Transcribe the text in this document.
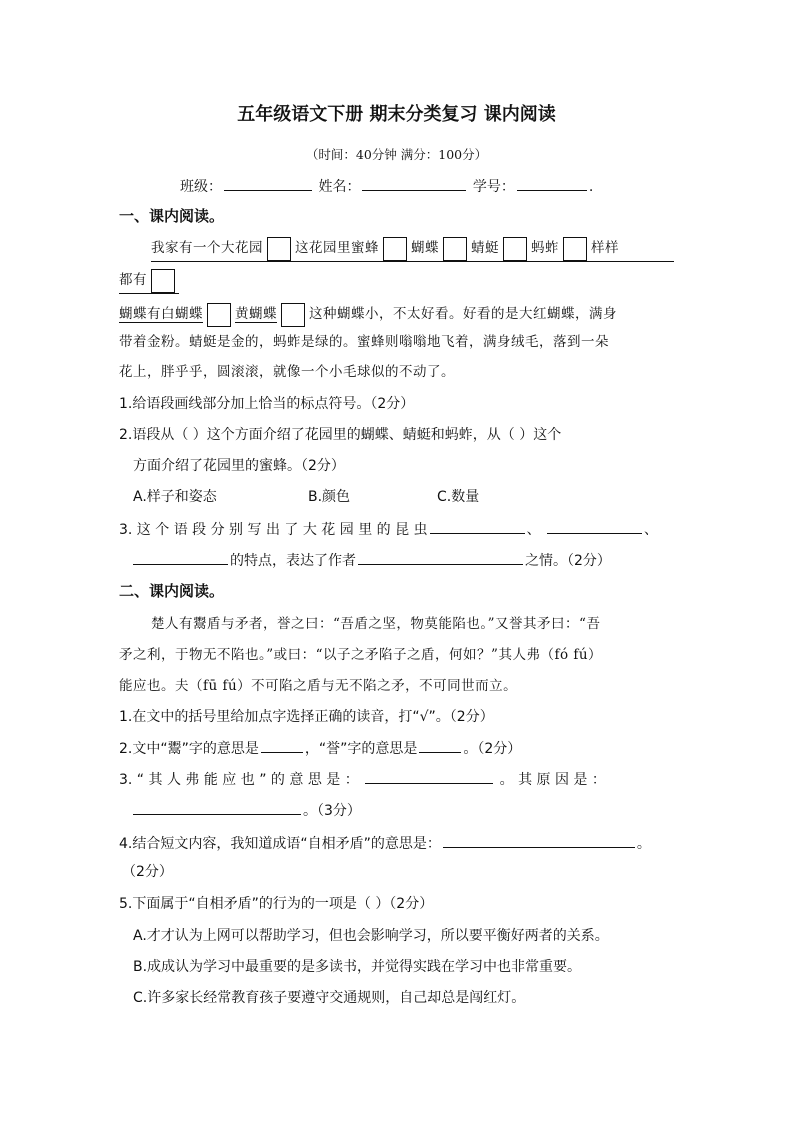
五年级语文下册 期末分类复习 课内阅读
（时间：40分钟 满分：100分）
班级：	姓名：	学号：	.
一、课内阅读。
我家有一个大花园 这花园里蜜蜂 蝴蝶 蜻蜓 蚂蚱 样样
都有
蝴蝶有白蝴蝶 黄蝴蝶 这种蝴蝶小，不太好看。好看的是大红蝴蝶，满身
带着金粉。蜻蜓是金的，蚂蚱是绿的。蜜蜂则嗡嗡地飞着，满身绒毛，落到一朵
花上，胖乎乎，圆滚滚，就像一个小毛球似的不动了。
1.给语段画线部分加上恰当的标点符号。（2分）
2.语段从（ ）这个方面介绍了花园里的蝴蝶、蜻蜓和蚂蚱，从（ ）这个
方面介绍了花园里的蜜蜂。（2分）
A.样子和姿态	B.颜色	C.数量
3. 这 个 语 段 分 别 写 出 了 大 花 园 里 的 昆 虫	、	、
的特点，表达了作者	之情。（2分）
二、课内阅读。
楚人有鬻盾与矛者，誉之曰：“吾盾之坚，物莫能陷也。”又誉其矛曰：“吾
矛之利，于物无不陷也。”或曰：“以子之矛陷子之盾，何如？”其人弗（fó fú）
能应也。夫（fū fú）不可陷之盾与无不陷之矛，不可同世而立。
1.在文中的括号里给加点字选择正确的读音，打“√”。（2分）
2.文中“鬻”字的意思是	，“誉”字的意思是	。（2分）
3. “ 其 人 弗 能 应 也 ” 的 意 思 是 ：	。 其 原 因 是 ：
。（3分）
4.结合短文内容，我知道成语“自相矛盾”的意思是：	。
（2分）
5.下面属于“自相矛盾”的行为的一项是（ ）（2分）
A.才才认为上网可以帮助学习，但也会影响学习，所以要平衡好两者的关系。
B.成成认为学习中最重要的是多读书，并觉得实践在学习中也非常重要。
C.许多家长经常教育孩子要遵守交通规则，自己却总是闯红灯。
